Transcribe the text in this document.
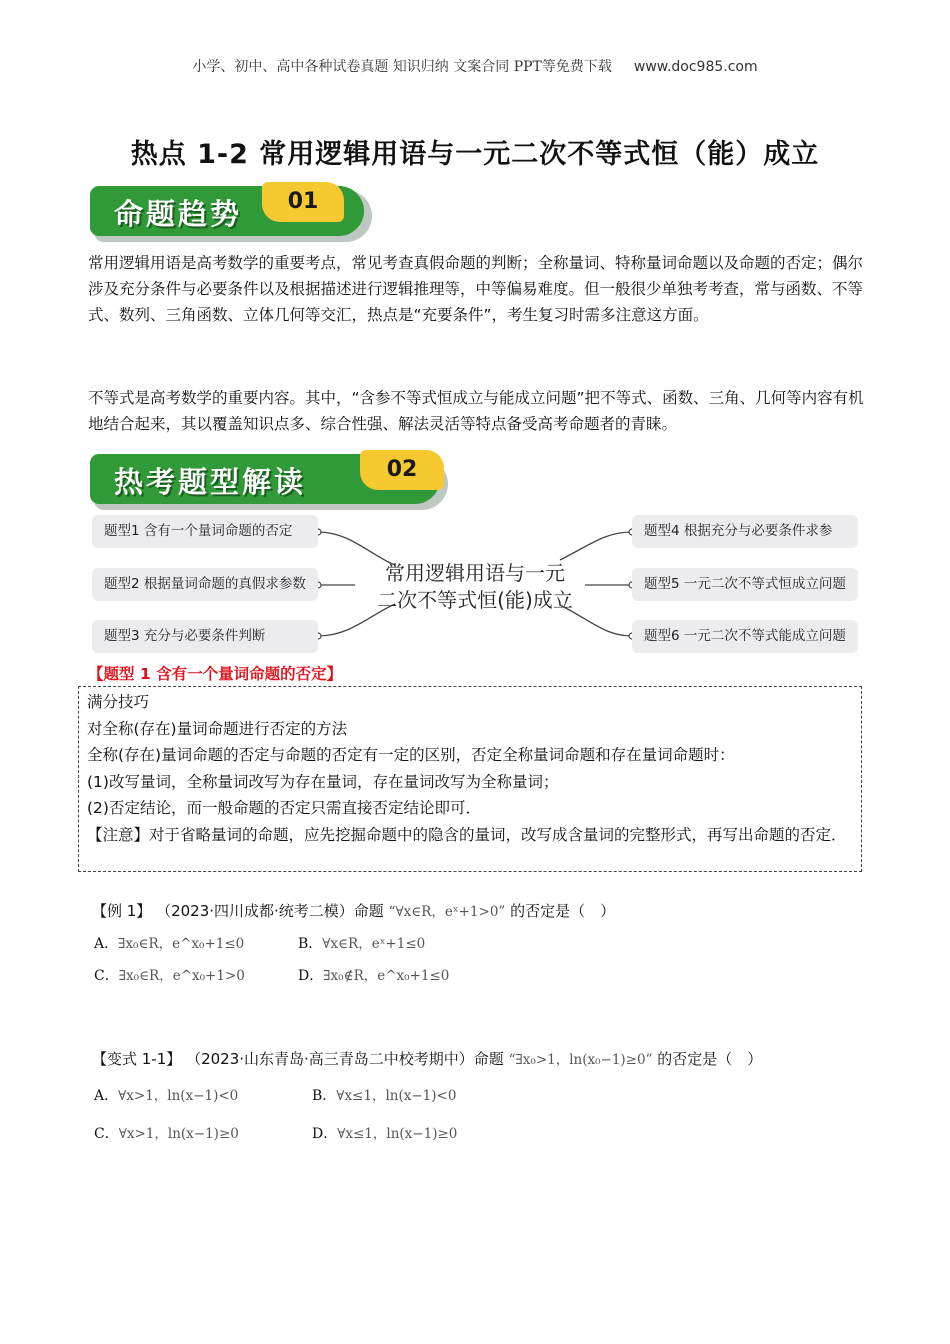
小学、初中、高中各种试卷真题 知识归纳 文案合同 PPT等免费下载 www.doc985.com
热点 1-2 常用逻辑用语与一元二次不等式恒（能）成立
命题趋势	01
常用逻辑用语是高考数学的重要考点，常见考查真假命题的判断；全称量词、特称量词命题以及命题的否定；偶尔涉及充分条件与必要条件以及根据描述进行逻辑推理等，中等偏易难度。但一般很少单独考考查，常与函数、不等式、数列、三角函数、立体几何等交汇，热点是“充要条件”，考生复习时需多注意这方面。
不等式是高考数学的重要内容。其中，“含参不等式恒成立与能成立问题”把不等式、函数、三角、几何等内容有机地结合起来，其以覆盖知识点多、综合性强、解法灵活等特点备受高考命题者的青睐。
热考题型解读	02
题型1 含有一个量词命题的否定
题型2 根据量词命题的真假求参数
题型3 充分与必要条件判断
常用逻辑用语与一元
二次不等式恒(能)成立
题型4 根据充分与必要条件求参
题型5 一元二次不等式恒成立问题
题型6 一元二次不等式能成立问题
【题型 1 含有一个量词命题的否定】

满分技巧

对全称(存在)量词命题进行否定的方法

全称(存在)量词命题的否定与命题的否定有一定的区别，否定全称量词命题和存在量词命题时：

(1)改写量词，全称量词改写为存在量词，存在量词改写为全称量词；

(2)否定结论，而一般命题的否定只需直接否定结论即可．

【注意】对于省略量词的命题，应先挖掘命题中的隐含的量词，改写成含量词的完整形式，再写出命题的否定．

【例 1】 （2023·四川成都·统考二模）命题 “∀x∈R，eˣ+1>0” 的否定是（　）
A．∃x₀∈R，e^x₀+1≤0	B．∀x∈R，eˣ+1≤0
C．∃x₀∈R，e^x₀+1>0	D．∃x₀∉R，e^x₀+1≤0
【变式 1-1】 （2023·山东青岛·高三青岛二中校考期中）命题 “∃x₀>1，ln(x₀−1)≥0” 的否定是（　）
A．∀x>1，ln(x−1)<0	B．∀x≤1，ln(x−1)<0
C．∀x>1，ln(x−1)≥0	D．∀x≤1，ln(x−1)≥0
